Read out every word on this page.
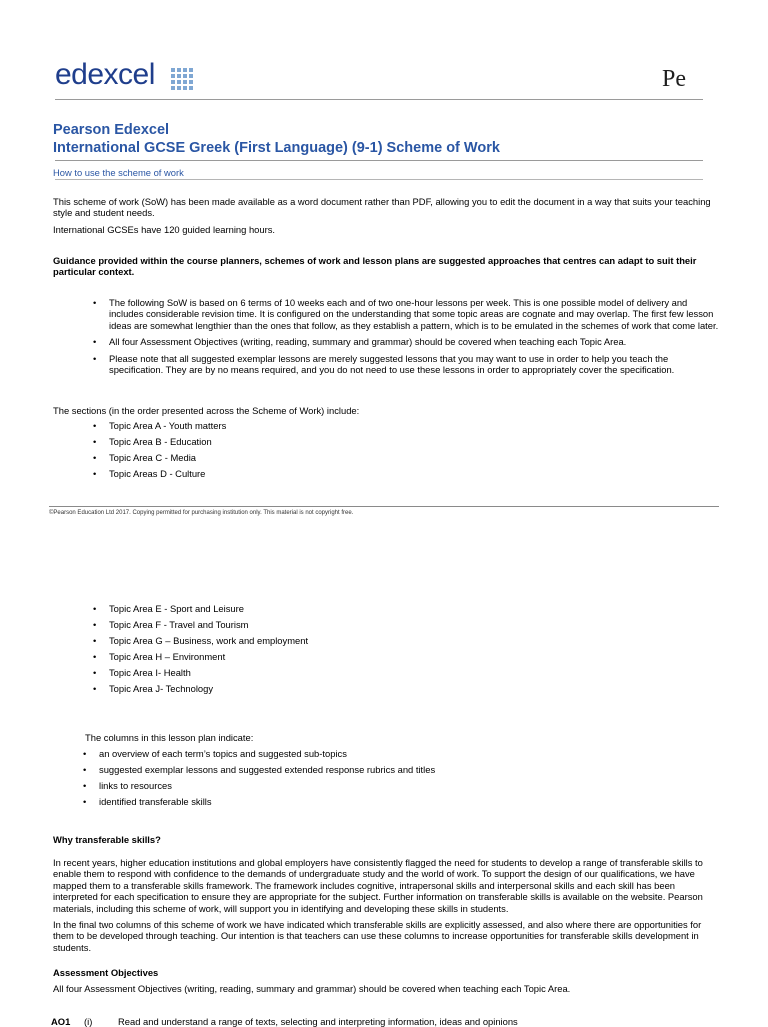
edexcel	Pe
Pearson Edexcel
International GCSE Greek (First Language) (9-1) Scheme of Work
How to use the scheme of work

This scheme of work (SoW) has been made available as a word document rather than PDF, allowing you to edit the document in a way that suits your teaching style and student needs.

International GCSEs have 120 guided learning hours.

Guidance provided within the course planners, schemes of work and lesson plans are suggested approaches that centres can adapt to suit their particular context.

• The following SoW is based on 6 terms of 10 weeks each and of two one-hour lessons per week. This is one possible model of delivery and includes considerable revision time. It is configured on the understanding that some topic areas are cognate and may overlap. The first few lesson ideas are somewhat lengthier than the ones that follow, as they establish a pattern, which is to be emulated in the schemes of work that come later.
• All four Assessment Objectives (writing, reading, summary and grammar) should be covered when teaching each Topic Area.
• Please note that all suggested exemplar lessons are merely suggested lessons that you may want to use in order to help you teach the specification. They are by no means required, and you do not need to use these lessons in order to appropriately cover the specification.

The sections (in the order presented across the Scheme of Work) include:

• Topic Area A - Youth matters
• Topic Area B - Education
• Topic Area C - Media
• Topic Areas D - Culture
©Pearson Education Ltd 2017. Copying permitted for purchasing institution only. This material is not copyright free.
• Topic Area E - Sport and Leisure
• Topic Area F - Travel and Tourism
• Topic Area G – Business, work and employment
• Topic Area H – Environment
• Topic Area I- Health
• Topic Area J- Technology

The columns in this lesson plan indicate:

• an overview of each term’s topics and suggested sub-topics
• suggested exemplar lessons and suggested extended response rubrics and titles
• links to resources
• identified transferable skills

Why transferable skills?

In recent years, higher education institutions and global employers have consistently flagged the need for students to develop a range of transferable skills to enable them to respond with confidence to the demands of undergraduate study and the world of work. To support the design of our qualifications, we have mapped them to a transferable skills framework. The framework includes cognitive, intrapersonal skills and interpersonal skills and each skill has been interpreted for each specification to ensure they are appropriate for the subject. Further information on transferable skills is available on the website. Pearson materials, including this scheme of work, will support you in identifying and developing these skills in students.

In the final two columns of this scheme of work we have indicated which transferable skills are explicitly assessed, and also where there are opportunities for them to be developed through teaching. Our intention is that teachers can use these columns to increase opportunities for transferable skills development in students.

Assessment Objectives

All four Assessment Objectives (writing, reading, summary and grammar) should be covered when teaching each Topic Area.

AO1 (i)	Read and understand a range of texts, selecting and interpreting information, ideas and opinions
